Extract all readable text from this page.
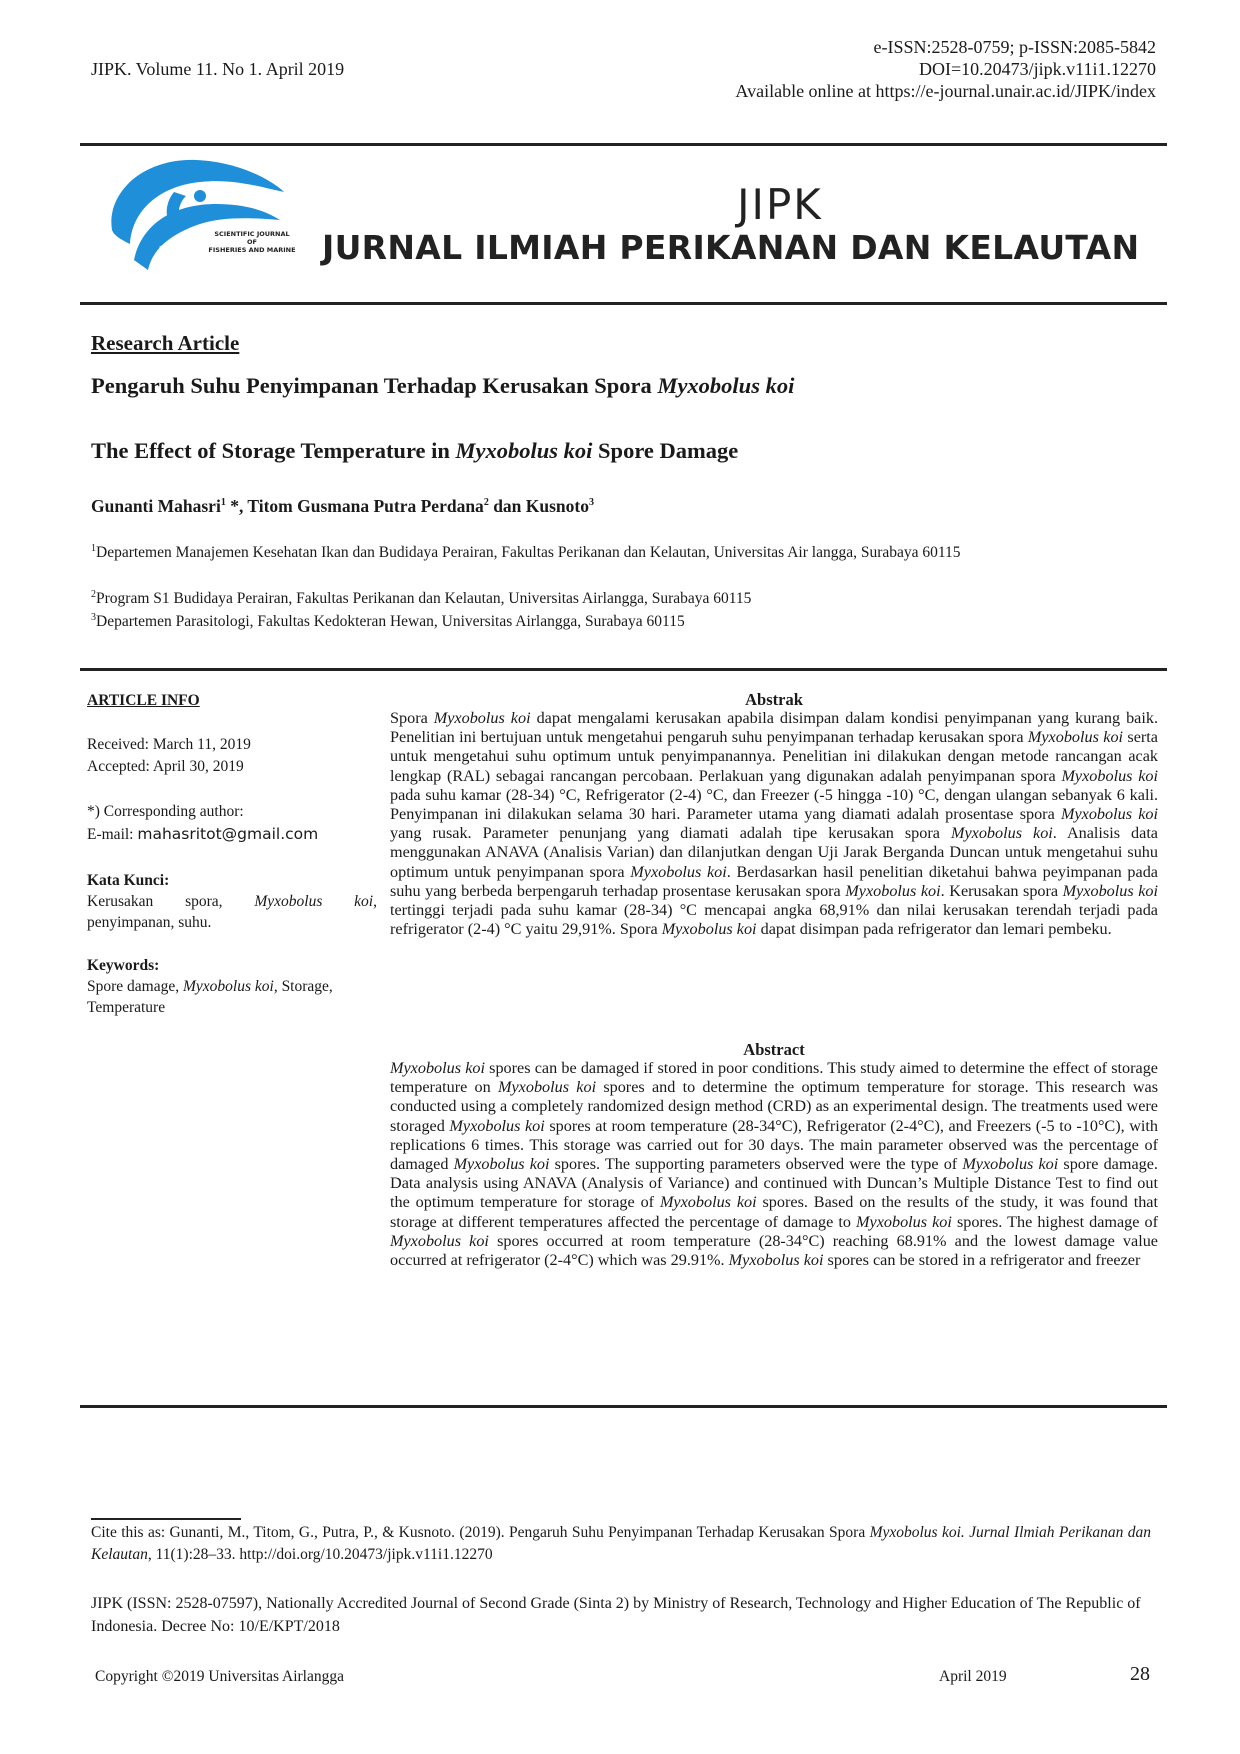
JIPK. Volume 11. No 1. April 2019
e-ISSN:2528-0759; p-ISSN:2085-5842
DOI=10.20473/jipk.v11i1.12270
Available online at https://e-journal.unair.ac.id/JIPK/index
SCIENTIFIC JOURNAL
OF
FISHERIES AND MARINE
JIPK
JURNAL ILMIAH PERIKANAN DAN KELAUTAN
Research Article
Pengaruh Suhu Penyimpanan Terhadap Kerusakan Spora Myxobolus koi
The Effect of Storage Temperature in Myxobolus koi Spore Damage
Gunanti Mahasri$^1$ *, Titom Gusmana Putra Perdana$^2$ dan Kusnoto$^3$
$^1$Departemen Manajemen Kesehatan Ikan dan Budidaya Perairan, Fakultas Perikanan dan Kelautan, Universitas Air langga, Surabaya 60115
$^2$Program S1 Budidaya Perairan, Fakultas Perikanan dan Kelautan, Universitas Airlangga, Surabaya 60115
$^3$Departemen Parasitologi, Fakultas Kedokteran Hewan, Universitas Airlangga, Surabaya 60115
ARTICLE INFO
Received: March 11, 2019
Accepted: April 30, 2019
*) Corresponding author:
E-mail: mahasritot@gmail.com
Kata Kunci:
Kerusakan spora, Myxobolus koi, penyimpanan, suhu.
Keywords:
Spore damage, Myxobolus koi, Storage, Temperature
Abstrak
Spora Myxobolus koi dapat mengalami kerusakan apabila disimpan dalam kondisi penyimpanan yang kurang baik. Penelitian ini bertujuan untuk mengetahui pengaruh suhu penyimpanan terhadap kerusakan spora Myxobolus koi serta untuk mengetahui suhu optimum untuk penyimpanannya. Penelitian ini dilakukan dengan metode rancangan acak lengkap (RAL) sebagai rancangan percobaan. Perlakuan yang digunakan adalah penyimpanan spora Myxobolus koi pada suhu kamar (28-34) °C, Refrigerator (2-4) °C, dan Freezer (-5 hingga -10) °C, dengan ulangan sebanyak 6 kali. Penyimpanan ini dilakukan selama 30 hari. Parameter utama yang diamati adalah prosentase spora Myxobolus koi yang rusak. Parameter penunjang yang diamati adalah tipe kerusakan spora Myxobolus koi. Analisis data menggunakan ANAVA (Analisis Varian) dan dilanjutkan dengan Uji Jarak Berganda Duncan untuk mengetahui suhu optimum untuk penyimpanan spora Myxobolus koi. Berdasarkan hasil penelitian diketahui bahwa peyimpanan pada suhu yang berbeda berpengaruh terhadap prosentase kerusakan spora Myxobolus koi. Kerusakan spora Myxobolus koi tertinggi terjadi pada suhu kamar (28-34) °C mencapai angka 68,91% dan nilai kerusakan terendah terjadi pada refrigerator (2-4) °C yaitu 29,91%. Spora Myxobolus koi dapat disimpan pada refrigerator dan lemari pembeku.
Abstract
Myxobolus koi spores can be damaged if stored in poor conditions. This study aimed to determine the effect of storage temperature on Myxobolus koi spores and to determine the optimum temperature for storage. This research was conducted using a completely randomized design method (CRD) as an experimental design. The treatments used were storaged Myxobolus koi spores at room temperature (28-34°C), Refrigerator (2-4°C), and Freezers (-5 to -10°C), with replications 6 times. This storage was carried out for 30 days. The main parameter observed was the percentage of damaged Myxobolus koi spores. The supporting parameters observed were the type of Myxobolus koi spore damage. Data analysis using ANAVA (Analysis of Variance) and continued with Duncan’s Multiple Distance Test to find out the optimum temperature for storage of Myxobolus koi spores. Based on the results of the study, it was found that storage at different temperatures affected the percentage of damage to Myxobolus koi spores. The highest damage of Myxobolus koi spores occurred at room temperature (28-34°C) reaching 68.91% and the lowest damage value occurred at refrigerator (2-4°C) which was 29.91%. Myxobolus koi spores can be stored in a refrigerator and freezer
Cite this as: Gunanti, M., Titom, G., Putra, P., & Kusnoto. (2019). Pengaruh Suhu Penyimpanan Terhadap Kerusakan Spora Myxobolus koi. Jurnal Ilmiah Perikanan dan Kelautan, 11(1):28–33. http://doi.org/10.20473/jipk.v11i1.12270
JIPK (ISSN: 2528-07597), Nationally Accredited Journal of Second Grade (Sinta 2) by Ministry of Research, Technology and Higher Education of The Republic of Indonesia. Decree No: 10/E/KPT/2018
Copyright ©2019 Universitas Airlangga	April 2019	28
